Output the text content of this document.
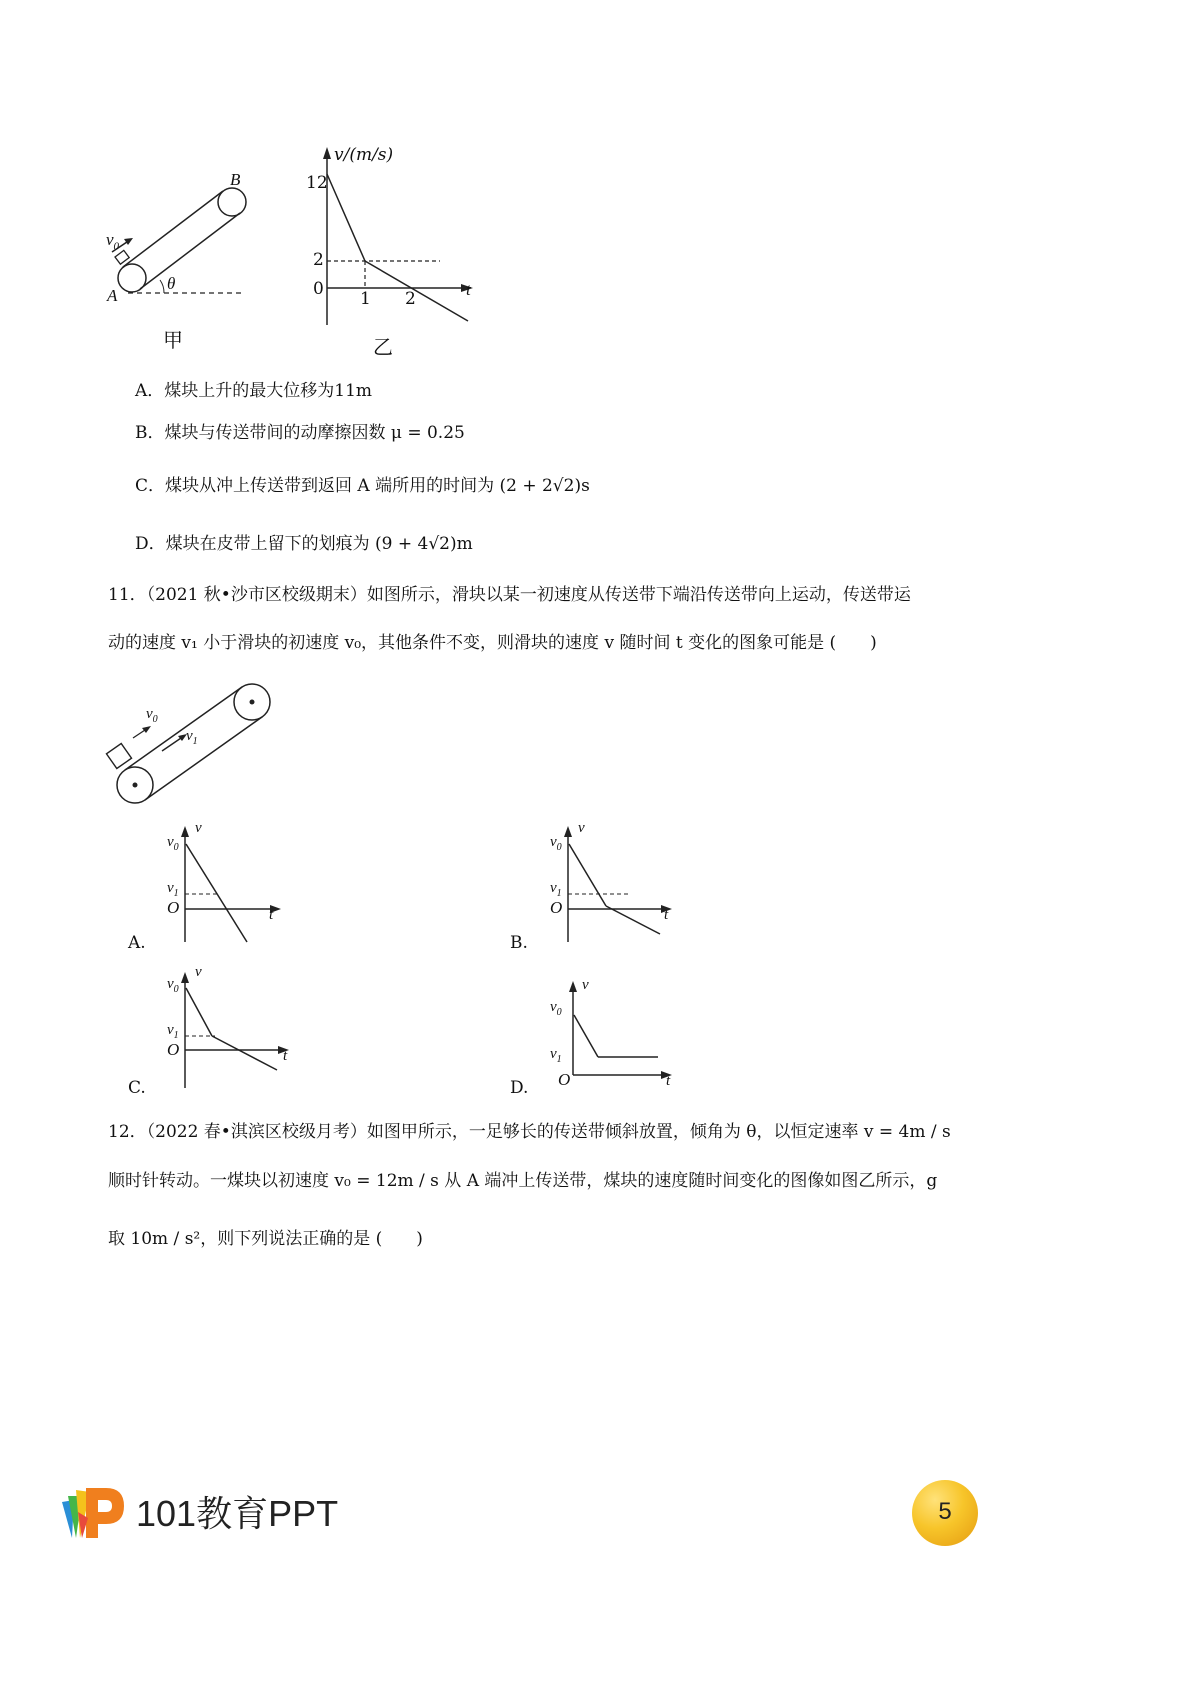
A
B
θ
$v_0$
甲
v/(m/s)
12
2
0 1 2	t
乙
A．煤块上升的最大位移为11m
B．煤块与传送带间的动摩擦因数 μ = 0.25
C．煤块从冲上传送带到返回 A 端所用的时间为 (2 + 2√2)s
D．煤块在皮带上留下的划痕为 (9 + 4√2)m
11．（2021 秋•沙市区校级期末）如图所示，滑块以某一初速度从传送带下端沿传送带向上运动，传送带运
动的速度 v₁ 小于滑块的初速度 v₀，其他条件不变，则滑块的速度 v 随时间 t 变化的图象可能是 (　　)
$v_0$
$v_1$
v
$v_0$
$v_1$
O	t
A.
v
$v_0$
$v_1$
O	t
B.
v
$v_0$
$v_1$
O	t
C.
v
$v_0$
$v_1$
O	t
D.
12．（2022 春•淇滨区校级月考）如图甲所示，一足够长的传送带倾斜放置，倾角为 θ，以恒定速率 v = 4m / s
顺时针转动。一煤块以初速度 v₀ = 12m / s 从 A 端冲上传送带，煤块的速度随时间变化的图像如图乙所示，g
取 10m / s²，则下列说法正确的是 (　　)
101教育PPT	5
